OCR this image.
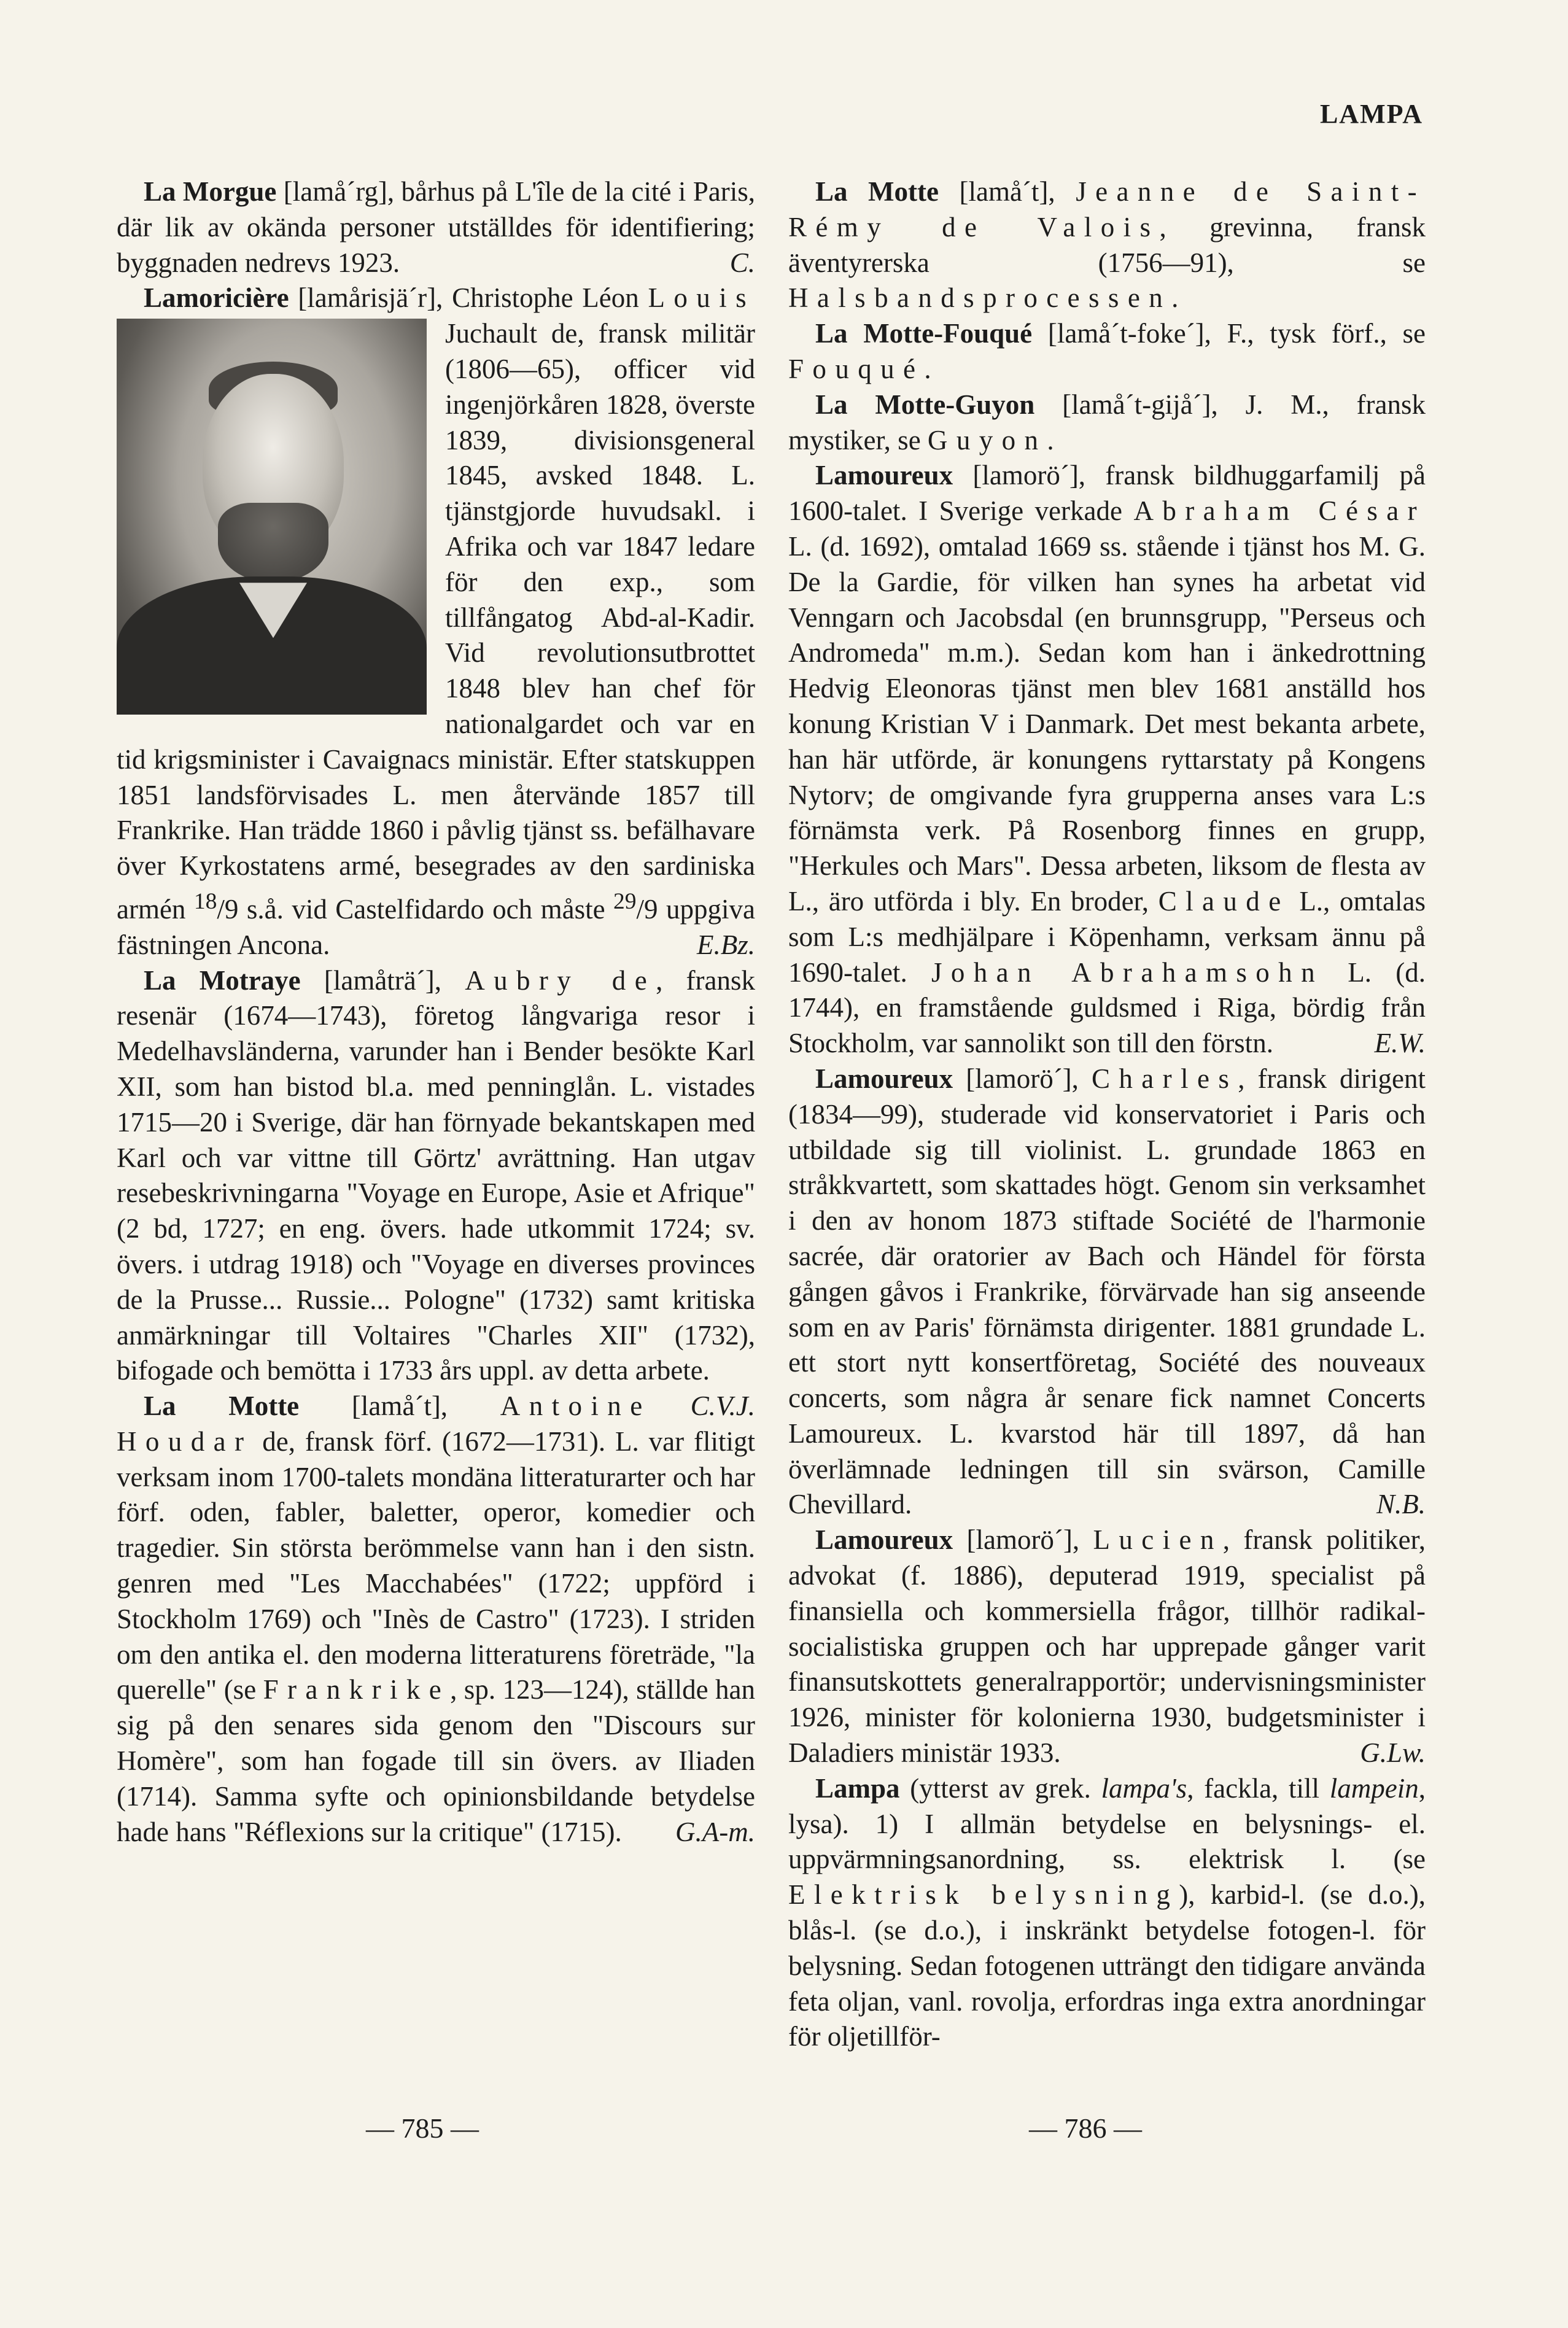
LAMPA

La Morgue [lamå´rg], bårhus på L'île de la cité i Paris, där lik av okända personer utställdes för identifiering; byggnaden nedrevs 1923.	C.

Lamoricière [lamårisjä´r], Christophe Léon Louis
Juchault de, fransk militär (1806—65), officer vid ingenjörkåren 1828, överste 1839, divisionsgeneral 1845, avsked 1848. L. tjänstgjorde huvudsakl. i Afrika och var 1847 ledare för den exp., som tillfångatog Abd-al-Kadir. Vid revolutionsutbrottet 1848 blev han chef för nationalgardet och var en tid krigsminister i Cavaignacs ministär. Efter statskuppen 1851 landsförvisades L. men återvände 1857 till Frankrike. Han trädde 1860 i påvlig tjänst ss. befälhavare över Kyrkostatens armé, besegrades av den sardiniska armén $^{18}$/9 s.å. vid Castelfidardo och måste $^{29}$/9 uppgiva fästningen Ancona.	E.Bz.

La Motraye [lamåträ´], Aubry de, fransk resenär (1674—1743), företog långvariga resor i Medelhavsländerna, varunder han i Bender besökte Karl XII, som han bistod bl.a. med penninglån. L. vistades 1715—20 i Sverige, där han förnyade bekantskapen med Karl och var vittne till Görtz' avrättning. Han utgav resebeskrivningarna "Voyage en Europe, Asie et Afrique" (2 bd, 1727; en eng. övers. hade utkommit 1724; sv. övers. i utdrag 1918) och "Voyage en diverses provinces de la Prusse... Russie... Pologne" (1732) samt kritiska anmärkningar till Voltaires "Charles XII" (1732), bifogade och bemötta i 1733 års uppl. av detta arbete.
C.V.J.

La Motte [lamå´t], Antoine Houdar de, fransk förf. (1672—1731). L. var flitigt verksam inom 1700-talets mondäna litteraturarter och har förf. oden, fabler, baletter, operor, komedier och tragedier. Sin största berömmelse vann han i den sistn. genren med "Les Macchabées" (1722; uppförd i Stockholm 1769) och "Inès de Castro" (1723). I striden om den antika el. den moderna litteraturens företräde, "la querelle" (se Frankrike, sp. 123—124), ställde han sig på den senares sida genom den "Discours sur Homère", som han fogade till sin övers. av Iliaden (1714). Samma syfte och opinionsbildande betydelse hade hans "Réflexions sur la critique" (1715).	G.A-m.

La Motte [lamå´t], Jeanne de Saint-Rémy de Valois, grevinna, fransk äventyrerska (1756—91), se Halsbandsprocessen.

La Motte-Fouqué [lamå´t-foke´], F., tysk förf., se Fouqué.

La Motte-Guyon [lamå´t-gijå´], J. M., fransk mystiker, se Guyon.

Lamoureux [lamorö´], fransk bildhuggarfamilj på 1600-talet. I Sverige verkade Abraham César L. (d. 1692), omtalad 1669 ss. stående i tjänst hos M. G. De la Gardie, för vilken han synes ha arbetat vid Venngarn och Jacobsdal (en brunnsgrupp, "Perseus och Andromeda" m.m.). Sedan kom han i änkedrottning Hedvig Eleonoras tjänst men blev 1681 anställd hos konung Kristian V i Danmark. Det mest bekanta arbete, han här utförde, är konungens ryttarstaty på Kongens Nytorv; de omgivande fyra grupperna anses vara L:s förnämsta verk. På Rosenborg finnes en grupp, "Herkules och Mars". Dessa arbeten, liksom de flesta av L., äro utförda i bly. En broder, Claude L., omtalas som L:s medhjälpare i Köpenhamn, verksam ännu på 1690-talet. Johan Abrahamsohn L. (d. 1744), en framstående guldsmed i Riga, bördig från Stockholm, var sannolikt son till den förstn.	E.W.

Lamoureux [lamorö´], Charles, fransk dirigent (1834—99), studerade vid konservatoriet i Paris och utbildade sig till violinist. L. grundade 1863 en stråkkvartett, som skattades högt. Genom sin verksamhet i den av honom 1873 stiftade Société de l'harmonie sacrée, där oratorier av Bach och Händel för första gången gåvos i Frankrike, förvärvade han sig anseende som en av Paris' förnämsta dirigenter. 1881 grundade L. ett stort nytt konsertföretag, Société des nouveaux concerts, som några år senare fick namnet Concerts Lamoureux. L. kvarstod här till 1897, då han överlämnade ledningen till sin svärson, Camille Chevillard.	N.B.

Lamoureux [lamorö´], Lucien, fransk politiker, advokat (f. 1886), deputerad 1919, specialist på finansiella och kommersiella frågor, tillhör radikal-socialistiska gruppen och har upprepade gånger varit finansutskottets generalrapportör; undervisningsminister 1926, minister för kolonierna 1930, budgetsminister i Daladiers ministär 1933.	G.Lw.

Lampa (ytterst av grek. lampa's, fackla, till lampein, lysa). 1) I allmän betydelse en belysnings- el. uppvärmningsanordning, ss. elektrisk l. (se Elektrisk belysning), karbid-l. (se d.o.), blås-l. (se d.o.), i inskränkt betydelse fotogen-l. för belysning. Sedan fotogenen utträngt den tidigare använda feta oljan, vanl. rovolja, erfordras inga extra anordningar för oljetillför-

— 785 —	— 786 —
